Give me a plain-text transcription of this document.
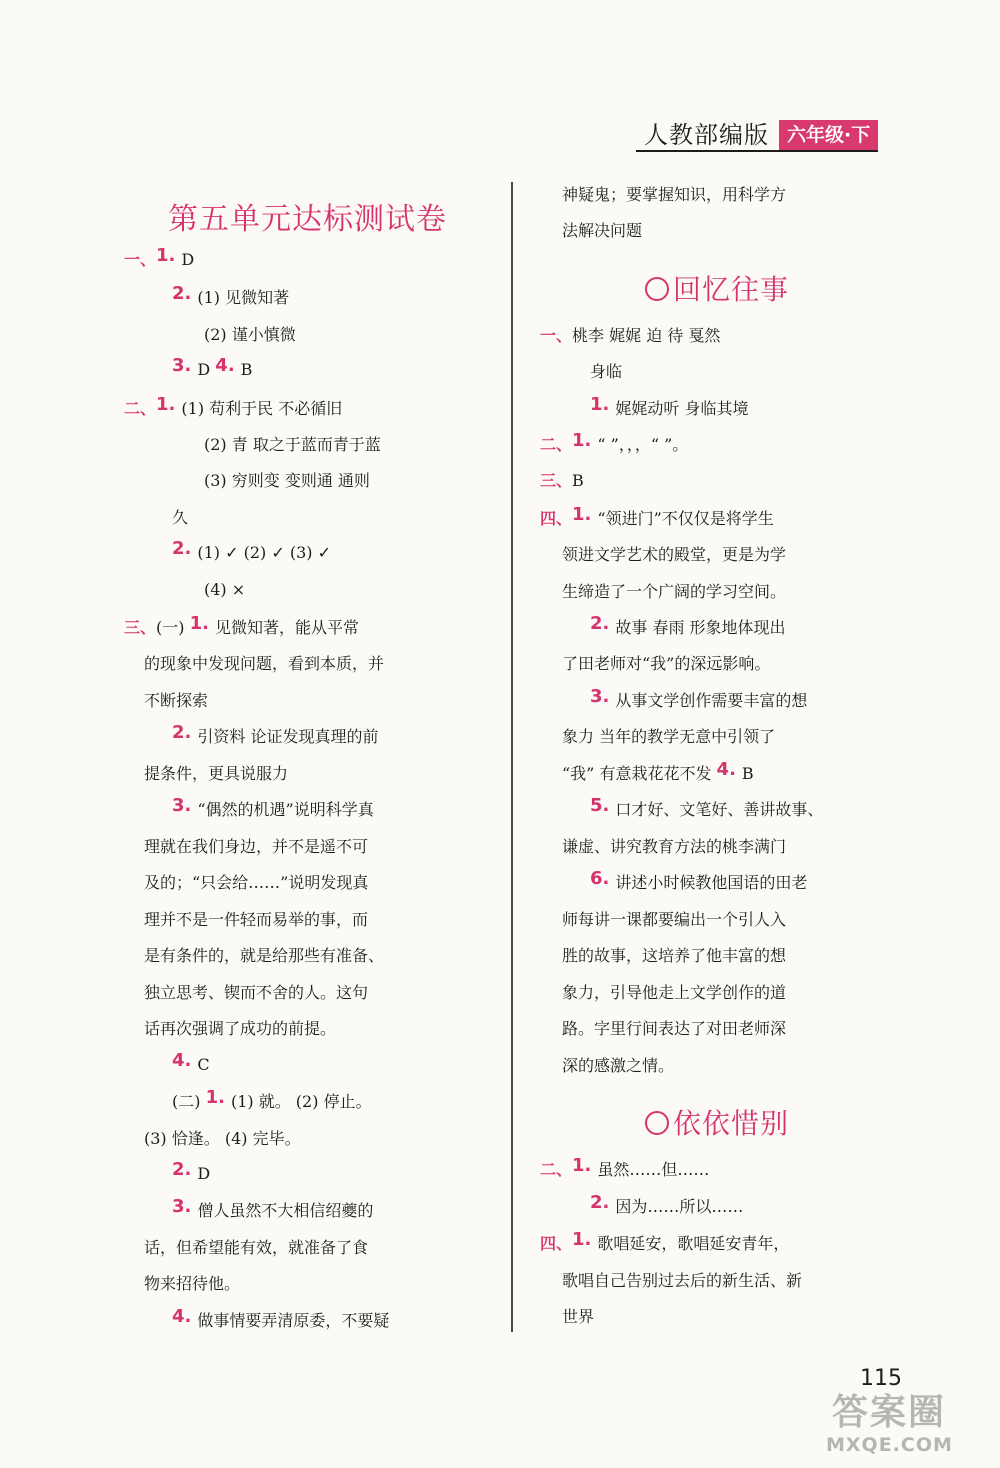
人教部编版 六年级·下
第五单元达标测试卷
一、1. D
2. (1) 见微知著
(2) 谨小慎微
3. D 4. B
二、1. (1) 苟利于民 不必循旧
(2) 青 取之于蓝而青于蓝
(3) 穷则变 变则通 通则
久
2. (1) ✓ (2) ✓ (3) ✓
(4) ×
三、(一) 1. 见微知著，能从平常
的现象中发现问题，看到本质，并
不断探索
2. 引资料 论证发现真理的前
提条件，更具说服力
3. “偶然的机遇”说明科学真
理就在我们身边，并不是遥不可
及的；“只会给……”说明发现真
理并不是一件轻而易举的事，而
是有条件的，就是给那些有准备、
独立思考、锲而不舍的人。这句
话再次强调了成功的前提。
4. C
(二) 1. (1) 就。 (2) 停止。
(3) 恰逢。 (4) 完毕。
2. D
3. 僧人虽然不大相信绍夔的
话，但希望能有效，就准备了食
物来招待他。
4. 做事情要弄清原委，不要疑
神疑鬼；要掌握知识，用科学方
法解决问题
回忆往事
一、桃李 娓娓 迫 待 戛然
身临
1. 娓娓动听 身临其境
二、1. “ ”，，，“ ”。
三、B
四、1. “领进门”不仅仅是将学生
领进文学艺术的殿堂，更是为学
生缔造了一个广阔的学习空间。
2. 故事 春雨 形象地体现出
了田老师对“我”的深远影响。
3. 从事文学创作需要丰富的想
象力 当年的教学无意中引领了
“我” 有意栽花花不发 4. B
5. 口才好、文笔好、善讲故事、
谦虚、讲究教育方法的桃李满门
6. 讲述小时候教他国语的田老
师每讲一课都要编出一个引人入
胜的故事，这培养了他丰富的想
象力，引导他走上文学创作的道
路。字里行间表达了对田老师深
深的感激之情。
依依惜别
二、1. 虽然……但……
2. 因为……所以……
四、1. 歌唱延安，歌唱延安青年，
歌唱自己告别过去后的新生活、新
世界
115
答案圈
MXQE.COM
